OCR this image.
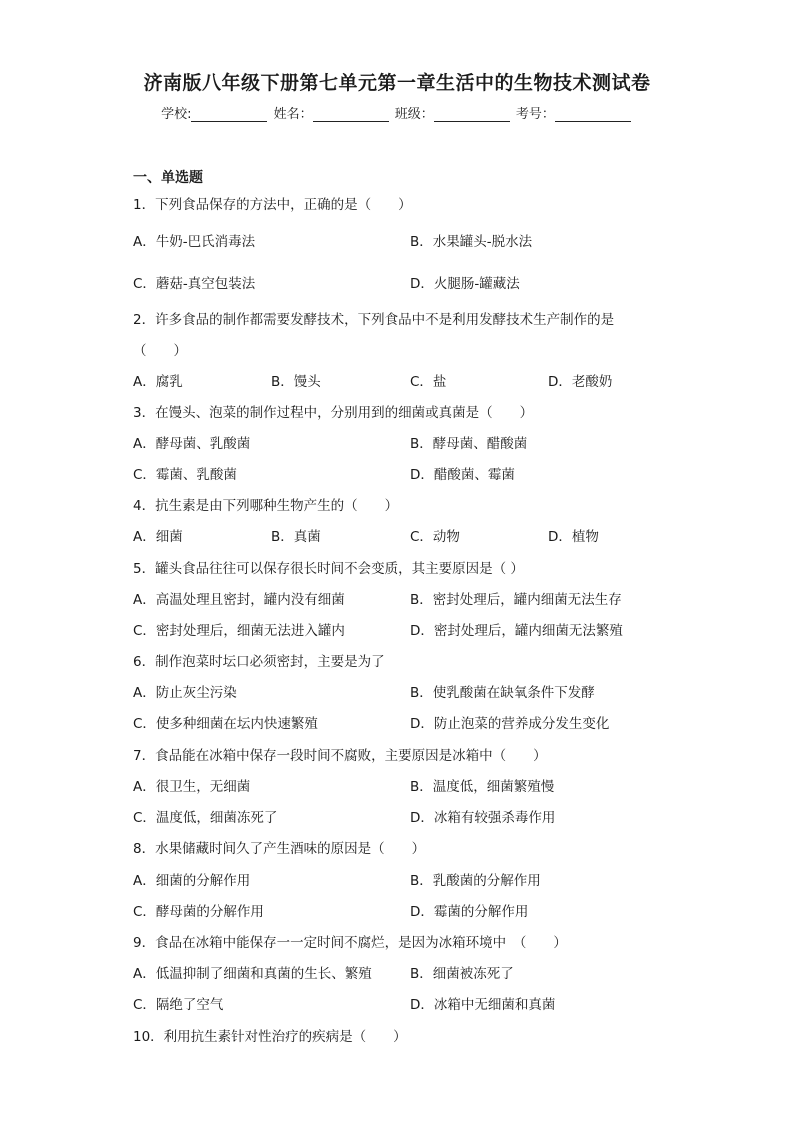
济南版八年级下册第七单元第一章生活中的生物技术测试卷
学校:	姓名：	班级：	考号：
一、单选题
1．下列食品保存的方法中，正确的是（　　）
A．牛奶-巴氏消毒法	B．水果罐头-脱水法
C．蘑菇-真空包装法	D．火腿肠-罐藏法
2．许多食品的制作都需要发酵技术，下列食品中不是利用发酵技术生产制作的是
（　　）
A．腐乳	B．馒头	C．盐	D．老酸奶
3．在馒头、泡菜的制作过程中，分别用到的细菌或真菌是（　　）
A．酵母菌、乳酸菌	B．酵母菌、醋酸菌
C．霉菌、乳酸菌	D．醋酸菌、霉菌
4．抗生素是由下列哪种生物产生的（　　）
A．细菌	B．真菌	C．动物	D．植物
5．罐头食品往往可以保存很长时间不会变质，其主要原因是（ ）
A．高温处理且密封，罐内没有细菌	B．密封处理后，罐内细菌无法生存
C．密封处理后，细菌无法进入罐内	D．密封处理后，罐内细菌无法繁殖
6．制作泡菜时坛口必须密封，主要是为了
A．防止灰尘污染	B．使乳酸菌在缺氧条件下发酵
C．使多种细菌在坛内快速繁殖	D．防止泡菜的营养成分发生变化
7．食品能在冰箱中保存一段时间不腐败，主要原因是冰箱中（　　）
A．很卫生，无细菌	B．温度低，细菌繁殖慢
C．温度低，细菌冻死了	D．冰箱有较强杀毒作用
8．水果储藏时间久了产生酒味的原因是（　　）
A．细菌的分解作用	B．乳酸菌的分解作用
C．酵母菌的分解作用	D．霉菌的分解作用
9．食品在冰箱中能保存一一定时间不腐烂，是因为冰箱环境中　（　　）
A．低温抑制了细菌和真菌的生长、繁殖	B．细菌被冻死了
C．隔绝了空气	D．冰箱中无细菌和真菌
10．利用抗生素针对性治疗的疾病是（　　）
